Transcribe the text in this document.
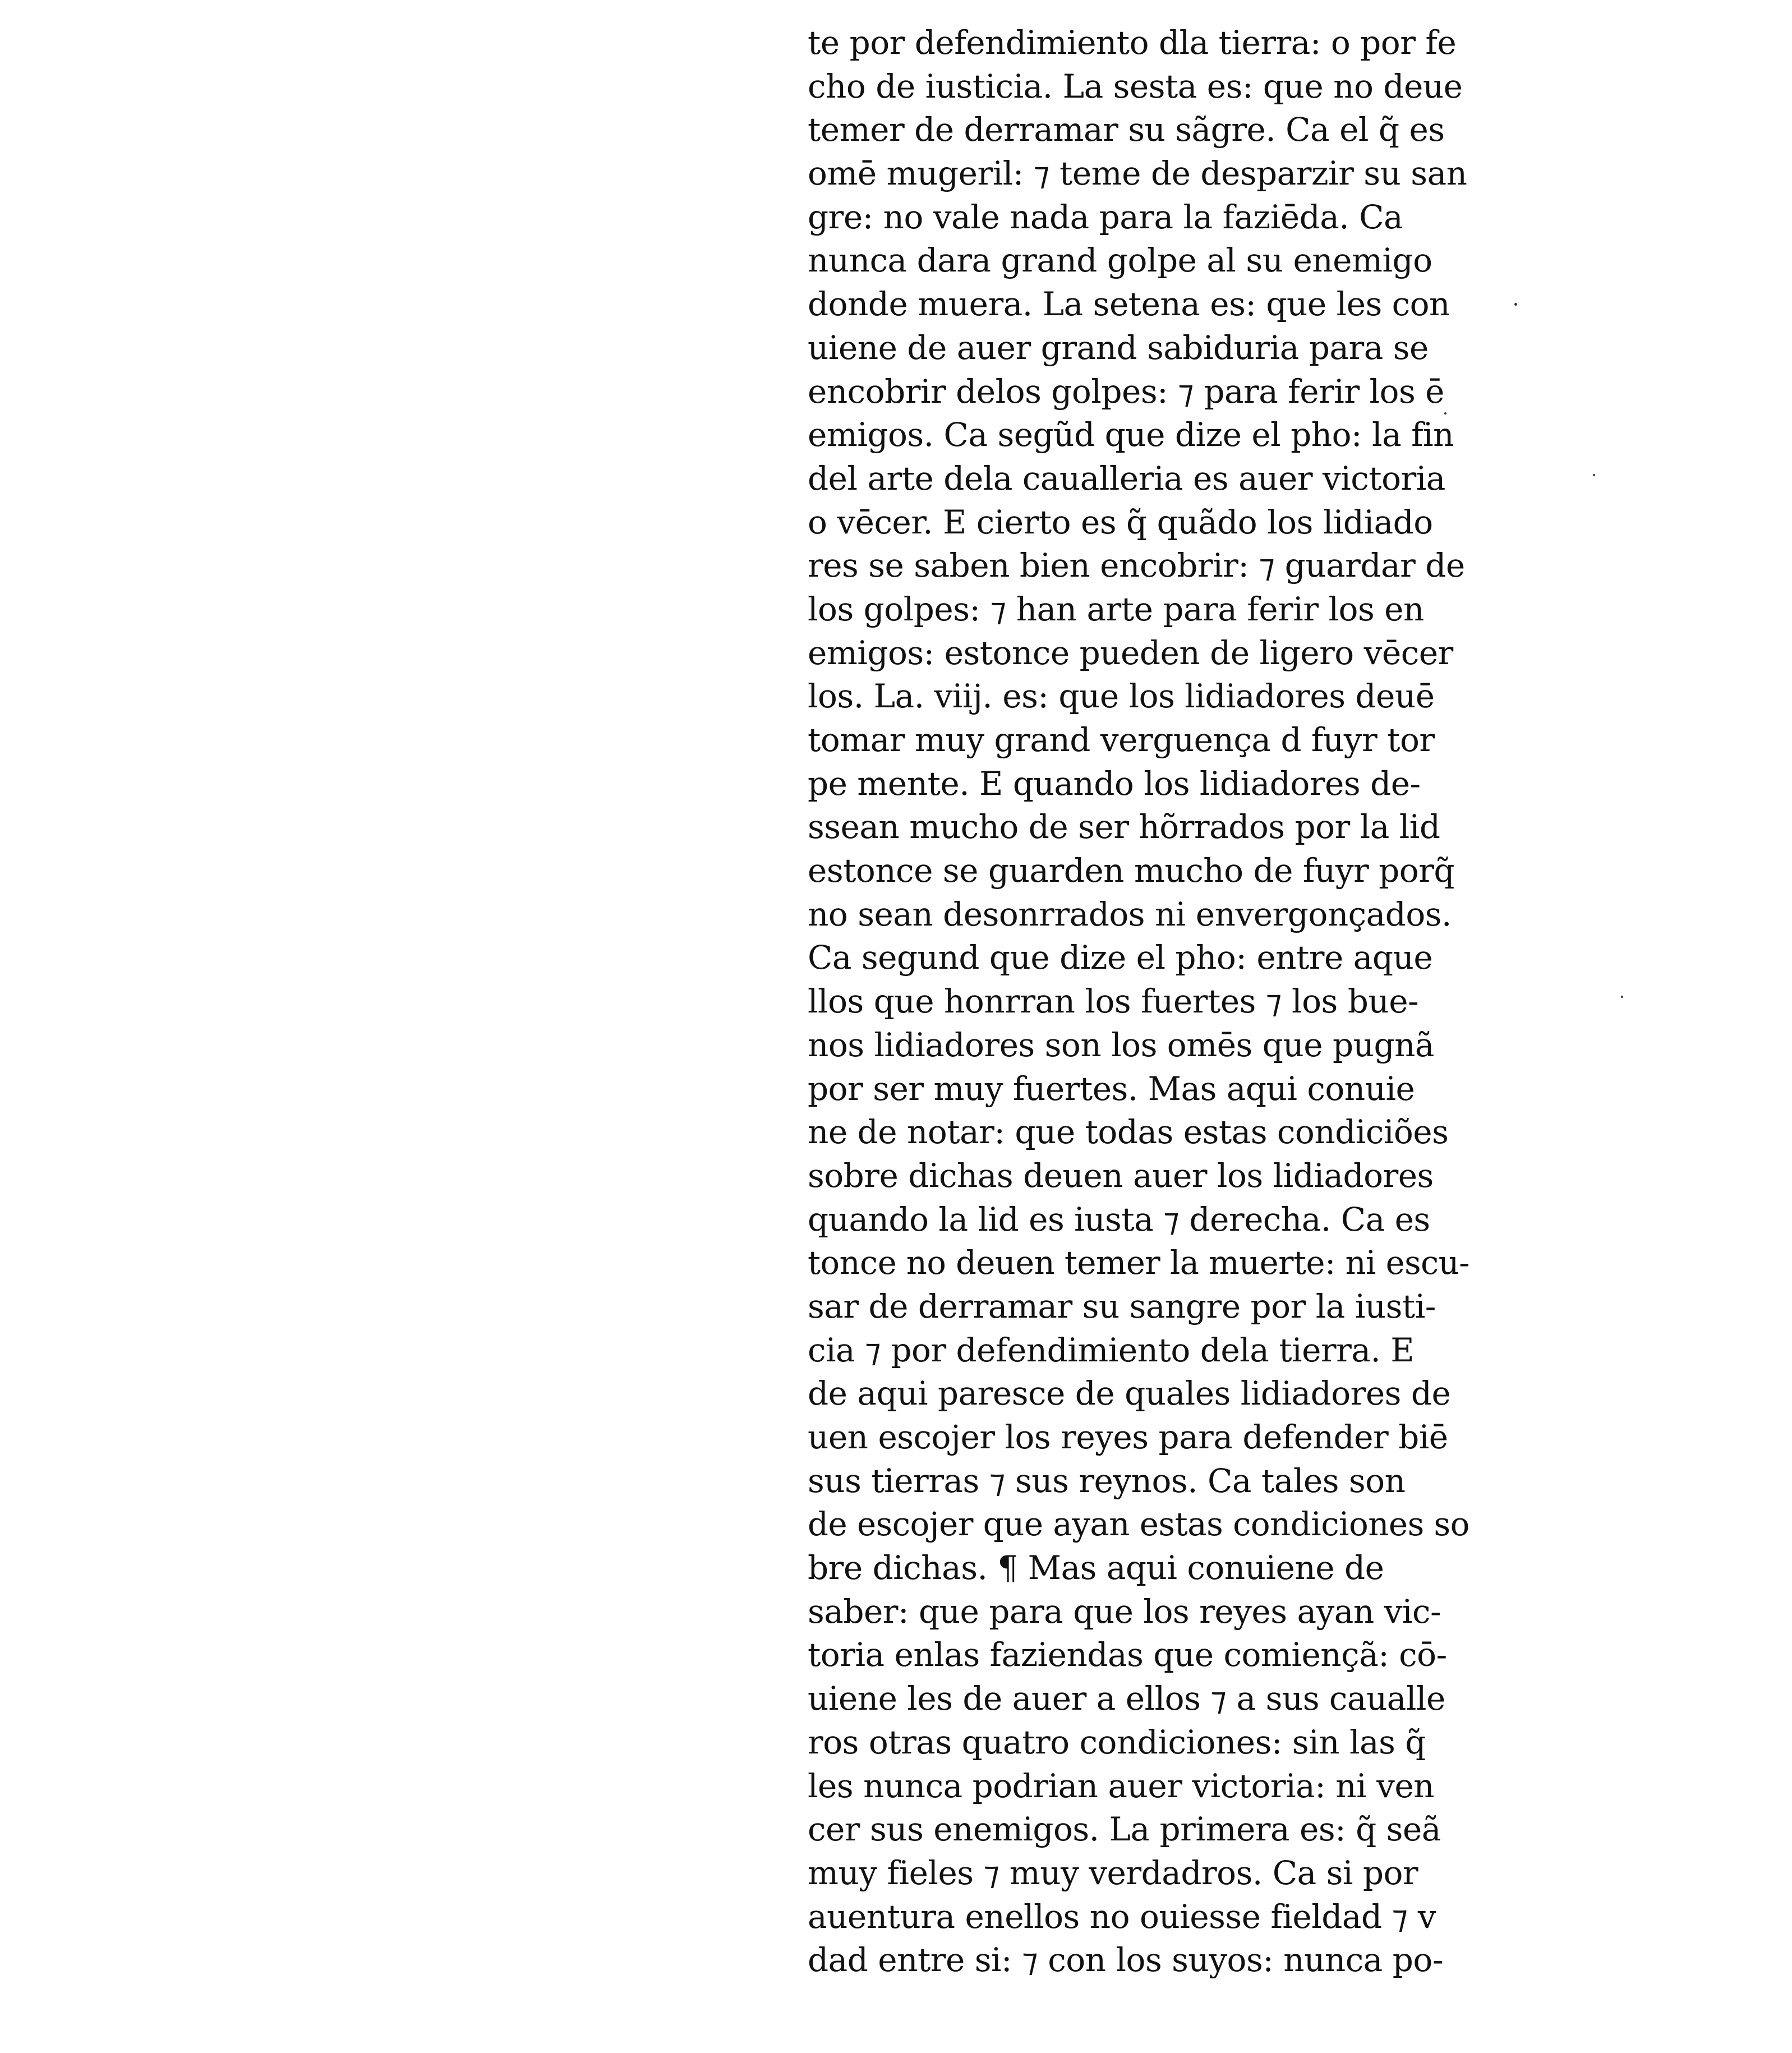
te por defendimiento dla tierra: o por fe
cho de iusticia. La sesta es: que no deue
temer de derramar su sãgre. Ca el q̃ es
omē mugeril: ⁊ teme de desparzir su san
gre: no vale nada para la faziēda. Ca
nunca dara grand golpe al su enemigo
donde muera. La setena es: que les con
uiene de auer grand sabiduria para se
encobrir delos golpes: ⁊ para ferir los ē
emigos. Ca segũd que dize el pho: la fin
del arte dela caualleria es auer victoria
o vēcer. E cierto es q̃ quãdo los lidiado
res se saben bien encobrir: ⁊ guardar de
los golpes: ⁊ han arte para ferir los en
emigos: estonce pueden de ligero vēcer
los. La. viij. es: que los lidiadores deuē
tomar muy grand verguença d fuyr tor
pe mente. E quando los lidiadores de-
ssean mucho de ser hõrrados por la lid
estonce se guarden mucho de fuyr porq̃
no sean desonrrados ni envergonçados.
Ca segund que dize el pho: entre aque
llos que honrran los fuertes ⁊ los bue-
nos lidiadores son los omēs que pugnã
por ser muy fuertes. Mas aqui conuie
ne de notar: que todas estas condiciões
sobre dichas deuen auer los lidiadores
quando la lid es iusta ⁊ derecha. Ca es
tonce no deuen temer la muerte: ni escu-
sar de derramar su sangre por la iusti-
cia ⁊ por defendimiento dela tierra. E
de aqui paresce de quales lidiadores de
uen escojer los reyes para defender biē
sus tierras ⁊ sus reynos. Ca tales son
de escojer que ayan estas condiciones so
bre dichas. ¶ Mas aqui conuiene de
saber: que para que los reyes ayan vic-
toria enlas faziendas que comiençã: cō-
uiene les de auer a ellos ⁊ a sus caualle
ros otras quatro condiciones: sin las q̃
les nunca podrian auer victoria: ni ven
cer sus enemigos. La primera es: q̃ seã
muy fieles ⁊ muy verdadros. Ca si por
auentura enellos no ouiesse fieldad ⁊ v
dad entre si: ⁊ con los suyos: nunca po-
